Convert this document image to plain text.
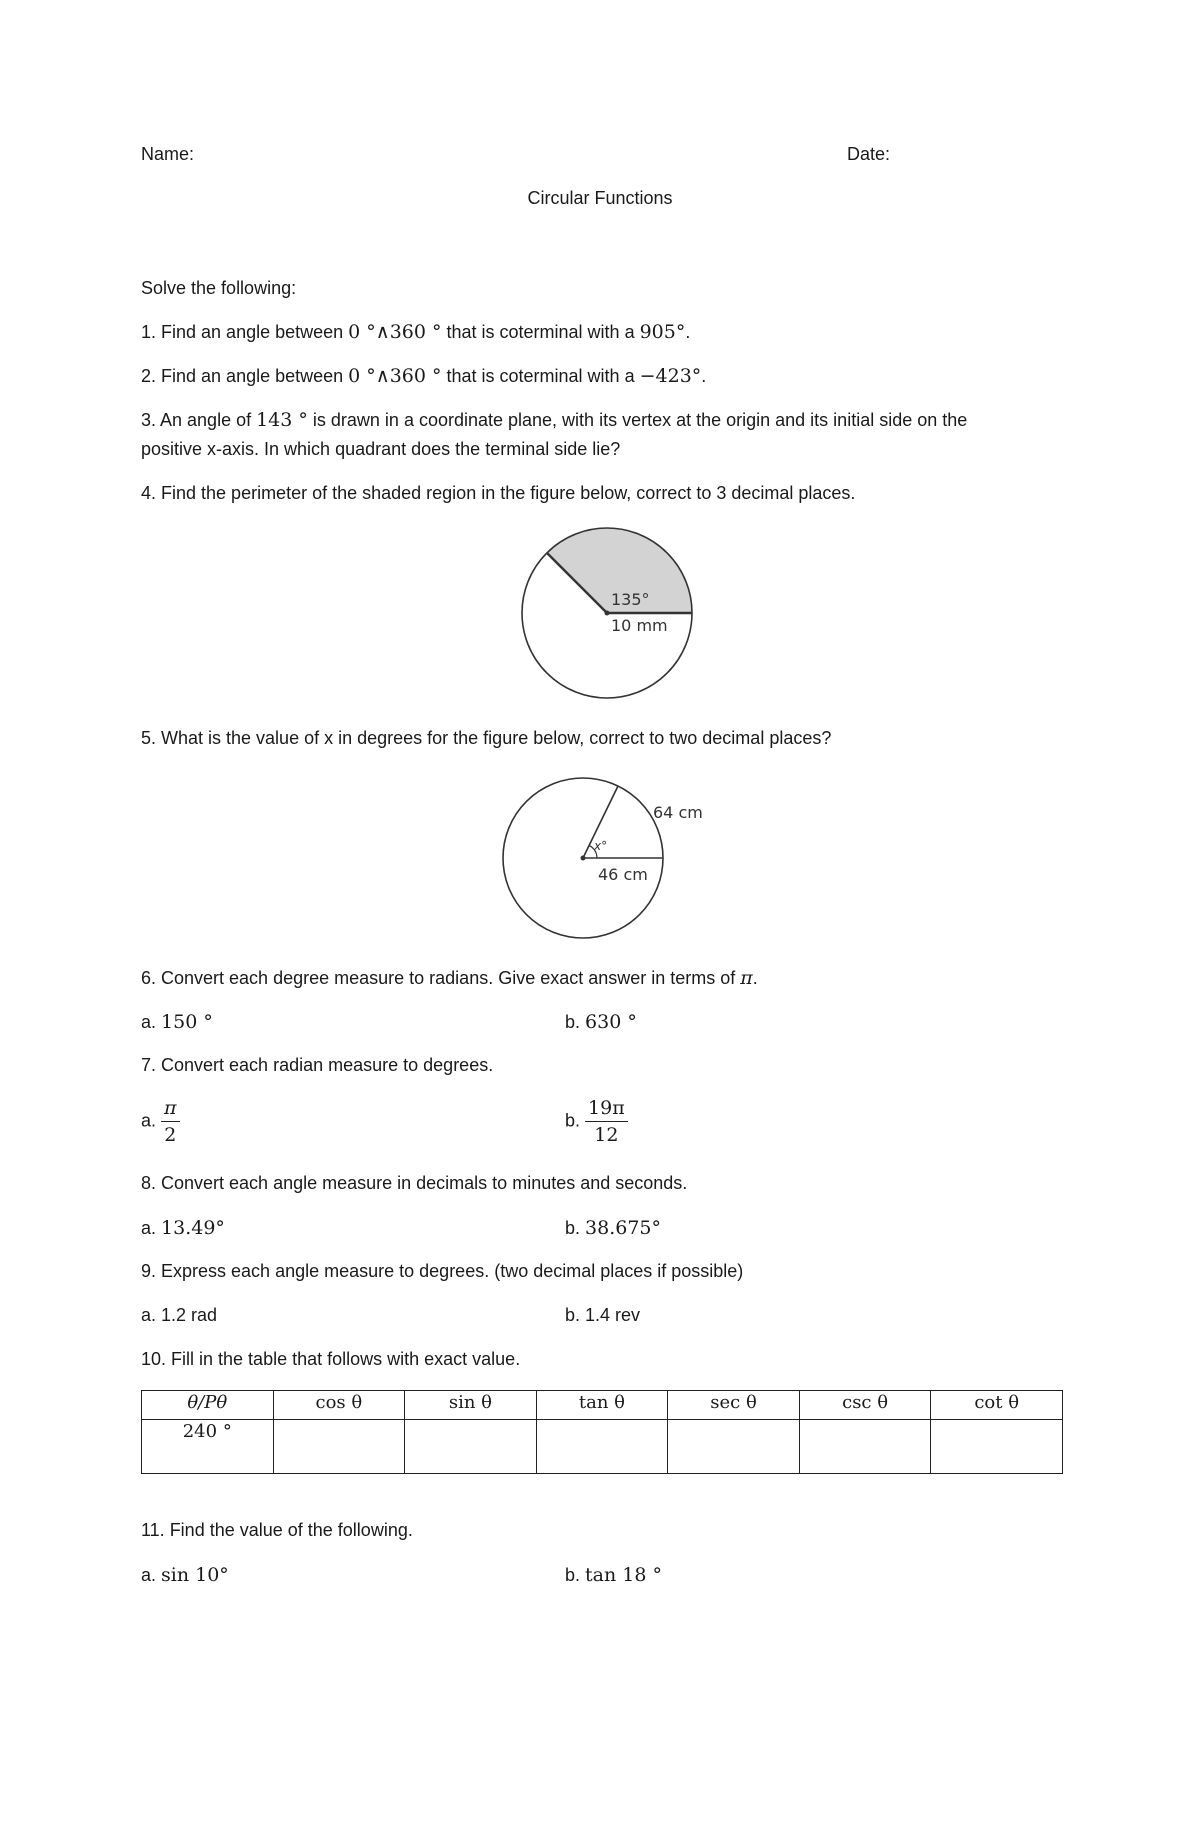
Name:	Date:
Circular Functions
Solve the following:
1. Find an angle between 0 °∧360 ° that is coterminal with a 905°.
2. Find an angle between 0 °∧360 ° that is coterminal with a −423°.
3. An angle of 143 ° is drawn in a coordinate plane, with its vertex at the origin and its initial side on the
positive x-axis. In which quadrant does the terminal side lie?
4. Find the perimeter of the shaded region in the figure below, correct to 3 decimal places.
135°
10 mm
5. What is the value of x in degrees for the figure below, correct to two decimal places?
x°
64 cm
46 cm
6. Convert each degree measure to radians. Give exact answer in terms of π.
a. 150 °	b. 630 °
7. Convert each radian measure to degrees.
a. $\frac{\pi}{2}$	b. $\frac{19\pi}{12}$
8. Convert each angle measure in decimals to minutes and seconds.
a. 13.49°	b. 38.675°
9. Express each angle measure to degrees. (two decimal places if possible)
a. 1.2 rad	b. 1.4 rev
10. Fill in the table that follows with exact value.
θ/Pθ	cos θ	sin θ	tan θ	sec θ	csc θ	cot θ
240 °						
11. Find the value of the following.
a. sin 10°	b. tan 18 °
